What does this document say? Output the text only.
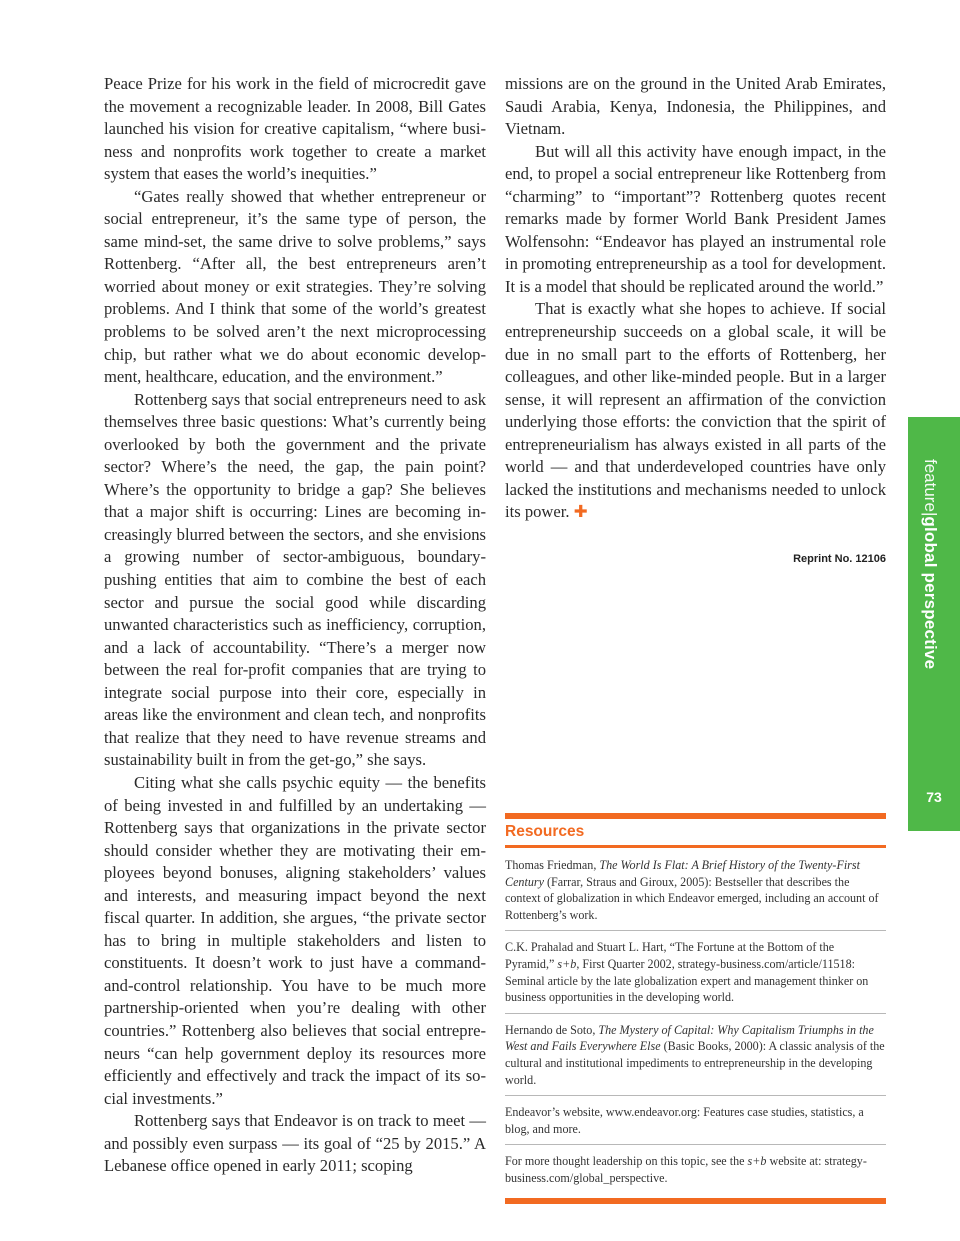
Peace Prize for his work in the field of microcredit gave the movement a recognizable leader. In 2008, Bill Gates launched his vision for creative capitalism, “where business and nonprofits work together to create a market system that eases the world’s inequities.”

“Gates really showed that whether entrepreneur or social entrepreneur, it’s the same type of person, the same mind-set, the same drive to solve problems,” says Rottenberg. “After all, the best entrepreneurs aren’t worried about money or exit strategies. They’re solving problems. And I think that some of the world’s greatest problems to be solved aren’t the next microprocessing chip, but rather what we do about economic development, healthcare, education, and the environment.”

Rottenberg says that social entrepreneurs need to ask themselves three basic questions: What’s currently being overlooked by both the government and the private sector? Where’s the need, the gap, the pain point? Where’s the opportunity to bridge a gap? She believes that a major shift is occurring: Lines are becoming increasingly blurred between the sectors, and she envisions a growing number of sector-ambiguous, boundary-pushing entities that aim to combine the best of each sector and pursue the social good while discarding unwanted characteristics such as inefficiency, corruption, and a lack of accountability. “There’s a merger now between the real for-profit companies that are trying to integrate social purpose into their core, especially in areas like the environment and clean tech, and nonprofits that realize that they need to have revenue streams and sustainability built in from the get-go,” she says.

Citing what she calls psychic equity — the benefits of being invested in and fulfilled by an undertaking — Rottenberg says that organizations in the private sector should consider whether they are motivating their employees beyond bonuses, aligning stakeholders’ values and interests, and measuring impact beyond the next fiscal quarter. In addition, she argues, “the private sector has to bring in multiple stakeholders and listen to constituents. It doesn’t work to just have a command-and-control relationship. You have to be much more partnership-oriented when you’re dealing with other countries.” Rottenberg also believes that social entrepreneurs “can help government deploy its resources more efficiently and effectively and track the impact of its social investments.”

Rottenberg says that Endeavor is on track to meet — and possibly even surpass — its goal of “25 by 2015.” A Lebanese office opened in early 2011; scoping

missions are on the ground in the United Arab Emirates, Saudi Arabia, Kenya, Indonesia, the Philippines, and Vietnam.

But will all this activity have enough impact, in the end, to propel a social entrepreneur like Rottenberg from “charming” to “important”? Rottenberg quotes recent remarks made by former World Bank President James Wolfensohn: “Endeavor has played an instrumental role in promoting entrepreneurship as a tool for development. It is a model that should be replicated around the world.”

That is exactly what she hopes to achieve. If social entrepreneurship succeeds on a global scale, it will be due in no small part to the efforts of Rottenberg, her colleagues, and other like-minded people. But in a larger sense, it will represent an affirmation of the conviction underlying those efforts: the conviction that the spirit of entrepreneurialism has always existed in all parts of the world — and that underdeveloped countries have only lacked the institutions and mechanisms needed to unlock its power. ✚

Reprint No. 12106
feature|global perspective
73
Resources
Thomas Friedman, The World Is Flat: A Brief History of the Twenty-First Century (Farrar, Straus and Giroux, 2005): Bestseller that describes the context of globalization in which Endeavor emerged, including an account of Rottenberg’s work.
C.K. Prahalad and Stuart L. Hart, “The Fortune at the Bottom of the Pyramid,” s+b, First Quarter 2002, strategy-business.com/article/11518: Seminal article by the late globalization expert and management thinker on business opportunities in the developing world.
Hernando de Soto, The Mystery of Capital: Why Capitalism Triumphs in the West and Fails Everywhere Else (Basic Books, 2000): A classic analysis of the cultural and institutional impediments to entrepreneurship in the developing world.
Endeavor’s website, www.endeavor.org: Features case studies, statistics, a blog, and more.
For more thought leadership on this topic, see the s+b website at: strategy-business.com/global_perspective.
